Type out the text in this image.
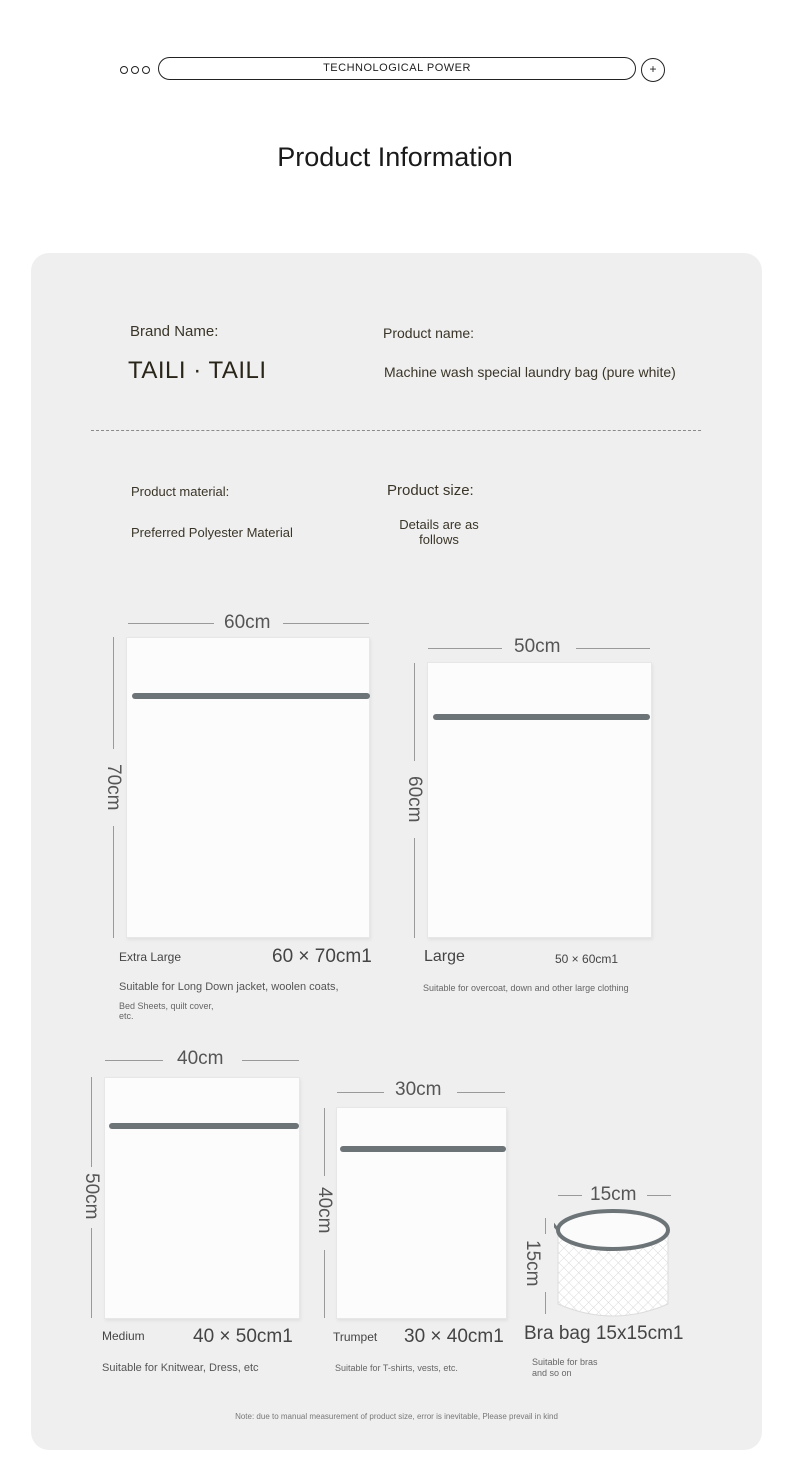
TECHNOLOGICAL POWER	+
Product Information
Brand Name:
TAILI · TAILI
Product name:
Machine wash special laundry bag (pure white)
Product material:
Preferred Polyester Material
Product size:
Details are as
follows
60cm
70cm
Extra Large	60 × 70cm1
Suitable for Long Down jacket, woolen coats,
Bed Sheets, quilt cover,
etc.
50cm
60cm
Large	50 × 60cm1
Suitable for overcoat, down and other large clothing
40cm
50cm
Medium	40 × 50cm1
Suitable for Knitwear, Dress, etc
30cm
40cm
Trumpet 30 × 40cm1
Suitable for T-shirts, vests, etc.
15cm
15cm
Bra bag 15x15cm1
Suitable for bras
and so on
Note: due to manual measurement of product size, error is inevitable, Please prevail in kind
